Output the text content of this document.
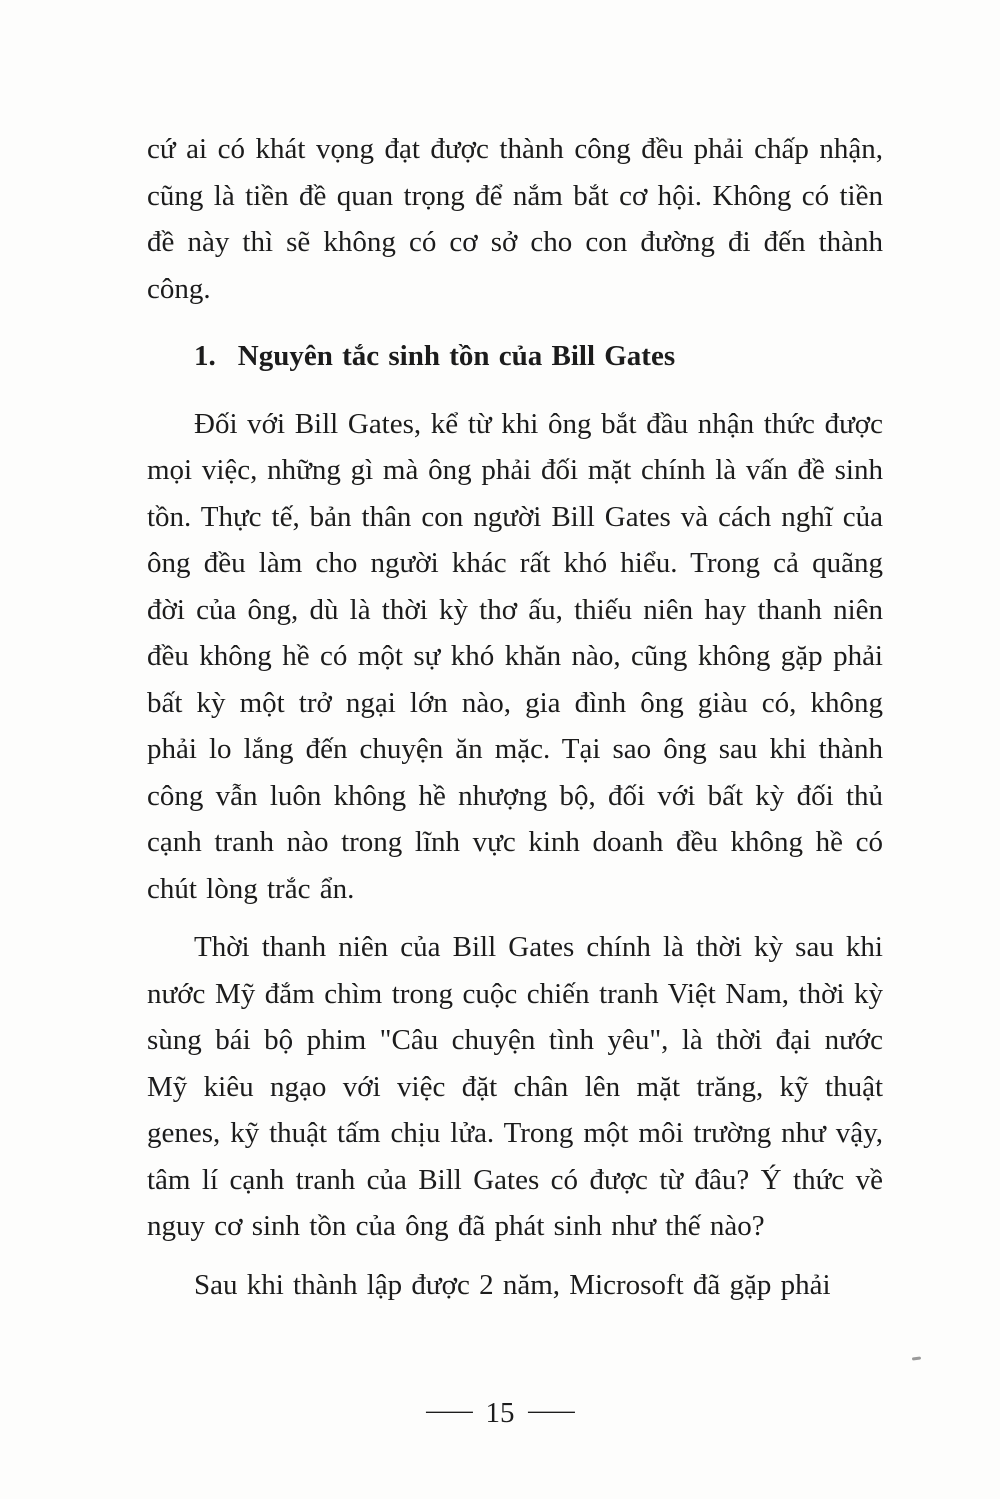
cứ ai có khát vọng đạt được thành công đều phải chấp nhận, cũng là tiền đề quan trọng để nắm bắt cơ hội. Không có tiền đề này thì sẽ không có cơ sở cho con đường đi đến thành công.

1. Nguyên tắc sinh tồn của Bill Gates

Đối với Bill Gates, kể từ khi ông bắt đầu nhận thức được mọi việc, những gì mà ông phải đối mặt chính là vấn đề sinh tồn. Thực tế, bản thân con người Bill Gates và cách nghĩ của ông đều làm cho người khác rất khó hiểu. Trong cả quãng đời của ông, dù là thời kỳ thơ ấu, thiếu niên hay thanh niên đều không hề có một sự khó khăn nào, cũng không gặp phải bất kỳ một trở ngại lớn nào, gia đình ông giàu có, không phải lo lắng đến chuyện ăn mặc. Tại sao ông sau khi thành công vẫn luôn không hề nhượng bộ, đối với bất kỳ đối thủ cạnh tranh nào trong lĩnh vực kinh doanh đều không hề có chút lòng trắc ẩn.

Thời thanh niên của Bill Gates chính là thời kỳ sau khi nước Mỹ đắm chìm trong cuộc chiến tranh Việt Nam, thời kỳ sùng bái bộ phim "Câu chuyện tình yêu", là thời đại nước Mỹ kiêu ngạo với việc đặt chân lên mặt trăng, kỹ thuật genes, kỹ thuật tấm chịu lửa. Trong một môi trường như vậy, tâm lí cạnh tranh của Bill Gates có được từ đâu? Ý thức về nguy cơ sinh tồn của ông đã phát sinh như thế nào?

Sau khi thành lập được 2 năm, Microsoft đã gặp phải

— 15 —
